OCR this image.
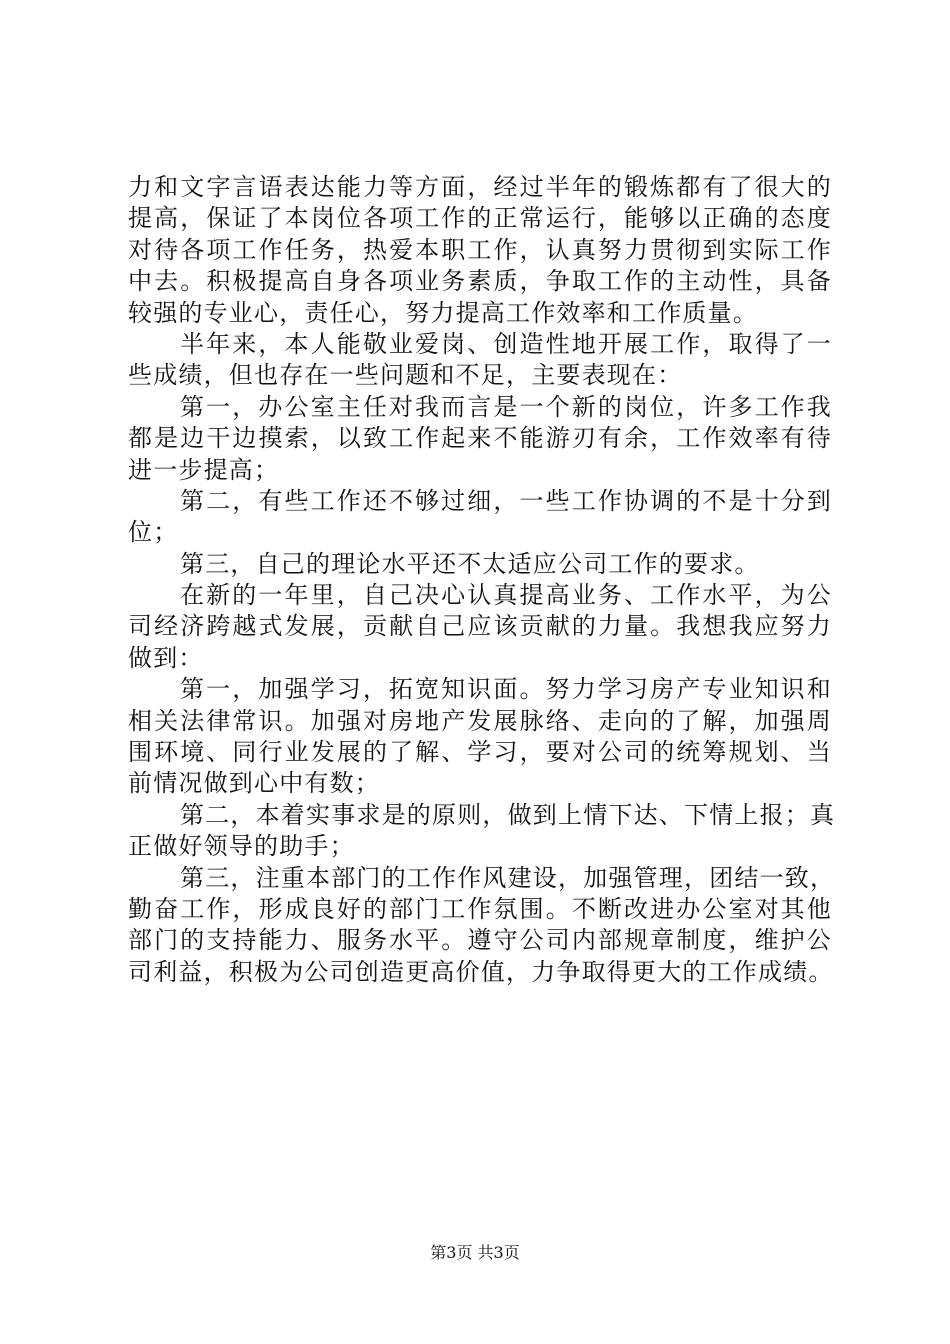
力和文字言语表达能力等方面，经过半年的锻炼都有了很大的
提高，保证了本岗位各项工作的正常运行，能够以正确的态度
对待各项工作任务，热爱本职工作，认真努力贯彻到实际工作
中去。积极提高自身各项业务素质，争取工作的主动性，具备
较强的专业心，责任心，努力提高工作效率和工作质量。
半年来，本人能敬业爱岗、创造性地开展工作，取得了一
些成绩，但也存在一些问题和不足，主要表现在：
第一，办公室主任对我而言是一个新的岗位，许多工作我
都是边干边摸索，以致工作起来不能游刃有余，工作效率有待
进一步提高；
第二，有些工作还不够过细，一些工作协调的不是十分到
位；
第三，自己的理论水平还不太适应公司工作的要求。
在新的一年里，自己决心认真提高业务、工作水平，为公
司经济跨越式发展，贡献自己应该贡献的力量。我想我应努力
做到：
第一，加强学习，拓宽知识面。努力学习房产专业知识和
相关法律常识。加强对房地产发展脉络、走向的了解，加强周
围环境、同行业发展的了解、学习，要对公司的统筹规划、当
前情况做到心中有数；
第二，本着实事求是的原则，做到上情下达、下情上报；真
正做好领导的助手；
第三，注重本部门的工作作风建设，加强管理，团结一致，
勤奋工作，形成良好的部门工作氛围。不断改进办公室对其他
部门的支持能力、服务水平。遵守公司内部规章制度，维护公
司利益，积极为公司创造更高价值，力争取得更大的工作成绩。
第3页 共3页
